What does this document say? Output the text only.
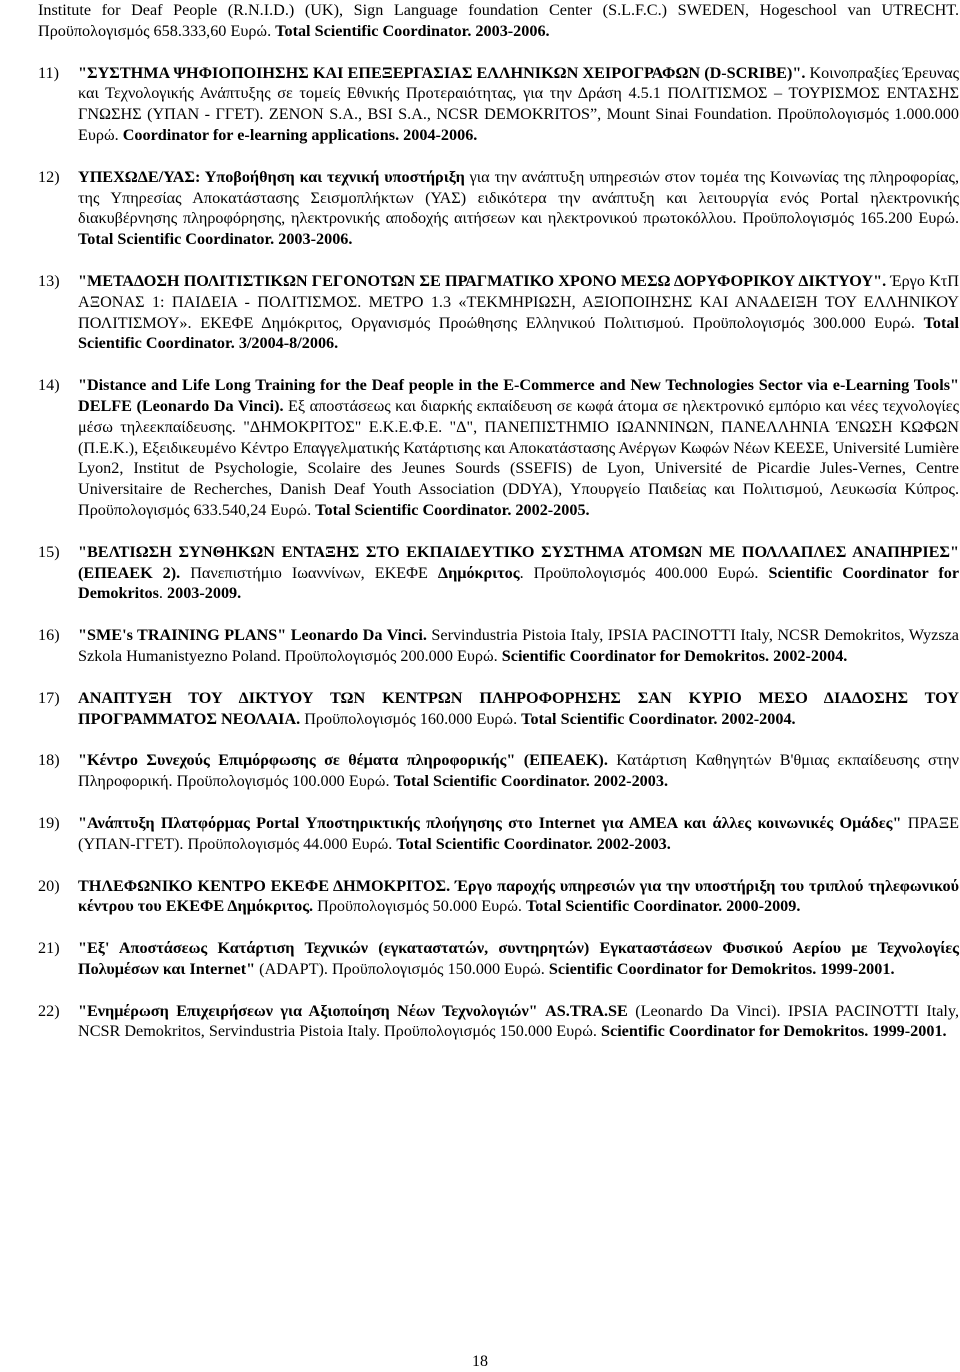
Institute for Deaf People (R.N.I.D.) (UK), Sign Language foundation Center (S.L.F.C.) SWEDEN, Hogeschool van UTRECHT. Προϋπολογισμός 658.333,60 Ευρώ. Total Scientific Coordinator. 2003-2006.

11)	"ΣΥΣΤΗΜΑ ΨΗΦΙΟΠΟΙΗΣΗΣ ΚΑΙ ΕΠΕΞΕΡΓΑΣΙΑΣ ΕΛΛΗΝΙΚΩΝ ΧΕΙΡΟΓΡΑΦΩΝ (D-SCRIBE)". Κοινοπραξίες Έρευνας και Τεχνολογικής Ανάπτυξης σε τομείς Εθνικής Προτεραιότητας, για την Δράση 4.5.1 ΠΟΛΙΤΙΣΜΟΣ – ΤΟΥΡΙΣΜΟΣ ΕΝΤΑΣΗΣ ΓΝΩΣΗΣ (ΥΠΑΝ - ΓΓΕΤ). ZENON S.A., BSI S.A., NCSR DEMOKRITOS”, Mount Sinai Foundation. Προϋπολογισμός 1.000.000 Ευρώ. Coordinator for e-learning applications. 2004-2006.
12)	ΥΠΕΧΩΔΕ/ΥΑΣ: Υποβοήθηση και τεχνική υποστήριξη για την ανάπτυξη υπηρεσιών στον τομέα της Κοινωνίας της πληροφορίας, της Υπηρεσίας Αποκατάστασης Σεισμοπλήκτων (ΥΑΣ) ειδικότερα την ανάπτυξη και λειτουργία ενός Portal ηλεκτρονικής διακυβέρνησης πληροφόρησης, ηλεκτρονικής αποδοχής αιτήσεων και ηλεκτρονικού πρωτοκόλλου. Προϋπολογισμός 165.200 Ευρώ. Total Scientific Coordinator. 2003-2006.
13)	"ΜΕΤΑΔΟΣΗ ΠΟΛΙΤΙΣΤΙΚΩΝ ΓΕΓΟΝΟΤΩΝ ΣΕ ΠΡΑΓΜΑΤΙΚΟ ΧΡΟΝΟ ΜΕΣΩ ΔΟΡΥΦΟΡΙΚΟΥ ΔΙΚΤΥΟΥ". Έργο ΚτΠ ΑΞΟΝΑΣ 1: ΠΑΙΔΕΙΑ - ΠΟΛΙΤΙΣΜΟΣ. ΜΕΤΡΟ 1.3 «ΤΕΚΜΗΡΙΩΣΗ, ΑΞΙΟΠΟΙΗΣΗΣ ΚΑΙ ΑΝΑΔΕΙΞΗ ΤΟΥ ΕΛΛΗΝΙΚΟΥ ΠΟΛΙΤΙΣΜΟΥ». ΕΚΕΦΕ Δημόκριτος, Οργανισμός Προώθησης Ελληνικού Πολιτισμού. Προϋπολογισμός 300.000 Ευρώ. Total Scientific Coordinator. 3/2004-8/2006.
14)	"Distance and Life Long Training for the Deaf people in the E-Commerce and New Technologies Sector via e-Learning Tools" DELFE (Leonardo Da Vinci). Εξ αποστάσεως και διαρκής εκπαίδευση σε κωφά άτομα σε ηλεκτρονικό εμπόριο και νέες τεχνολογίες μέσω τηλεεκπαίδευσης. "ΔΗΜΟΚΡΙΤΟΣ" Ε.Κ.Ε.Φ.Ε. "Δ", ΠΑΝΕΠΙΣΤΗΜΙΟ ΙΩΑΝΝΙΝΩΝ, ΠΑΝΕΛΛΗΝΙΑ ΈΝΩΣΗ ΚΩΦΩΝ (Π.Ε.Κ.), Εξειδικευμένο Κέντρο Επαγγελματικής Κατάρτισης και Αποκατάστασης Ανέργων Κωφών Νέων ΚΕΕΣΕ, Université Lumière Lyon2, Institut de Psychologie, Scolaire des Jeunes Sourds (SSEFIS) de Lyon, Université de Picardie Jules-Vernes, Centre Universitaire de Recherches, Danish Deaf Youth Association (DDYA), Υπουργείο Παιδείας και Πολιτισμού, Λευκωσία Κύπρος. Προϋπολογισμός 633.540,24 Ευρώ. Total Scientific Coordinator. 2002-2005.
15)	"ΒΕΛΤΙΩΣΗ ΣΥΝΘΗΚΩΝ ΕΝΤΑΞΗΣ ΣΤΟ ΕΚΠΑΙΔΕΥΤΙΚΟ ΣΥΣΤΗΜΑ ΑΤΟΜΩΝ ΜΕ ΠΟΛΛΑΠΛΕΣ ΑΝΑΠΗΡΙΕΣ" (ΕΠΕΑΕΚ 2). Πανεπιστήμιο Ιωαννίνων, ΕΚΕΦΕ Δημόκριτος. Προϋπολογισμός 400.000 Ευρώ. Scientific Coordinator for Demokritos. 2003-2009.
16)	"SME's TRAINING PLANS" Leonardo Da Vinci. Servindustria Pistoia Italy, IPSIA PACINOTTI Italy, NCSR Demokritos, Wyzsza Szkola Humanistyezno Poland. Προϋπολογισμός 200.000 Ευρώ. Scientific Coordinator for Demokritos. 2002-2004.
17)	ΑΝΑΠΤΥΞΗ ΤΟΥ ΔΙΚΤΥΟΥ ΤΩΝ ΚΕΝΤΡΩΝ ΠΛΗΡΟΦΟΡΗΣΗΣ ΣΑΝ ΚΥΡΙΟ ΜΕΣΟ ΔΙΑΔΟΣΗΣ ΤΟΥ ΠΡΟΓΡΑΜΜΑΤΟΣ ΝΕΟΛΑΙΑ. Προϋπολογισμός 160.000 Ευρώ. Total Scientific Coordinator. 2002-2004.
18)	"Κέντρο Συνεχούς Επιμόρφωσης σε θέματα πληροφορικής" (ΕΠΕΑΕΚ). Κατάρτιση Καθηγητών Β'θμιας εκπαίδευσης στην Πληροφορική. Προϋπολογισμός 100.000 Ευρώ. Total Scientific Coordinator. 2002-2003.
19)	"Ανάπτυξη Πλατφόρμας Portal Υποστηρικτικής πλοήγησης στο Internet για ΑΜΕΑ και άλλες κοινωνικές Ομάδες" ΠΡΑΞΕ (ΥΠΑΝ-ΓΓΕΤ). Προϋπολογισμός 44.000 Ευρώ. Total Scientific Coordinator. 2002-2003.
20)	ΤΗΛΕΦΩΝΙΚΟ ΚΕΝΤΡΟ ΕΚΕΦΕ ΔΗΜΟΚΡΙΤΟΣ. Έργο παροχής υπηρεσιών για την υποστήριξη του τριπλού τηλεφωνικού κέντρου του ΕΚΕΦΕ Δημόκριτος. Προϋπολογισμός 50.000 Ευρώ. Total Scientific Coordinator. 2000-2009.
21)	"Εξ' Αποστάσεως Κατάρτιση Τεχνικών (εγκαταστατών, συντηρητών) Εγκαταστάσεων Φυσικού Αερίου με Τεχνολογίες Πολυμέσων και Internet" (ADAPT). Προϋπολογισμός 150.000 Ευρώ. Scientific Coordinator for Demokritos. 1999-2001.
22)	"Ενημέρωση Επιχειρήσεων για Αξιοποίηση Νέων Τεχνολογιών" AS.TRA.SE (Leonardo Da Vinci). IPSIA PACINOTTI Italy, NCSR Demokritos, Servindustria Pistoia Italy. Προϋπολογισμός 150.000 Ευρώ. Scientific Coordinator for Demokritos. 1999-2001.
18
